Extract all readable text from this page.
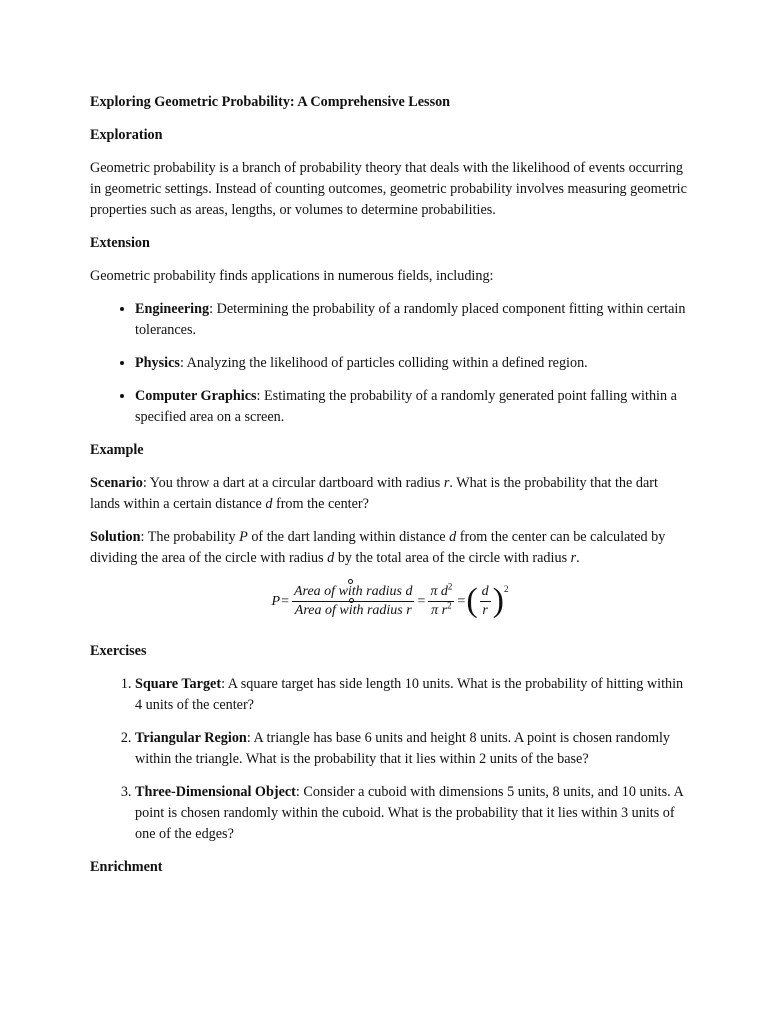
Exploring Geometric Probability: A Comprehensive Lesson

Exploration

Geometric probability is a branch of probability theory that deals with the likelihood of events occurring in geometric settings. Instead of counting outcomes, geometric probability involves measuring geometric properties such as areas, lengths, or volumes to determine probabilities.

Extension

Geometric probability finds applications in numerous fields, including:

• Engineering: Determining the probability of a randomly placed component fitting within certain tolerances.
• Physics: Analyzing the likelihood of particles colliding within a defined region.
• Computer Graphics: Estimating the probability of a randomly generated point falling within a specified area on a screen.
Example

Scenario: You throw a dart at a circular dartboard with radius r. What is the probability that the dart lands within a certain distance d from the center?

Solution: The probability P of the dart landing within distance d from the center can be calculated by dividing the area of the circle with radius d by the total area of the circle with radius r.

$P = \frac{\text{Area of with radius d}}{\text{Area of with radius r}} = \frac{\pi d^2}{\pi r^2}$ = ( $\frac{d}{r} )^2$
Exercises
1. Square Target: A square target has side length 10 units. What is the probability of hitting within 4 units of the center?
2. Triangular Region: A triangle has base 6 units and height 8 units. A point is chosen randomly within the triangle. What is the probability that it lies within 2 units of the base?
3. Three-Dimensional Object: Consider a cuboid with dimensions 5 units, 8 units, and 10 units. A point is chosen randomly within the cuboid. What is the probability that it lies within 3 units of one of the edges?
Enrichment
